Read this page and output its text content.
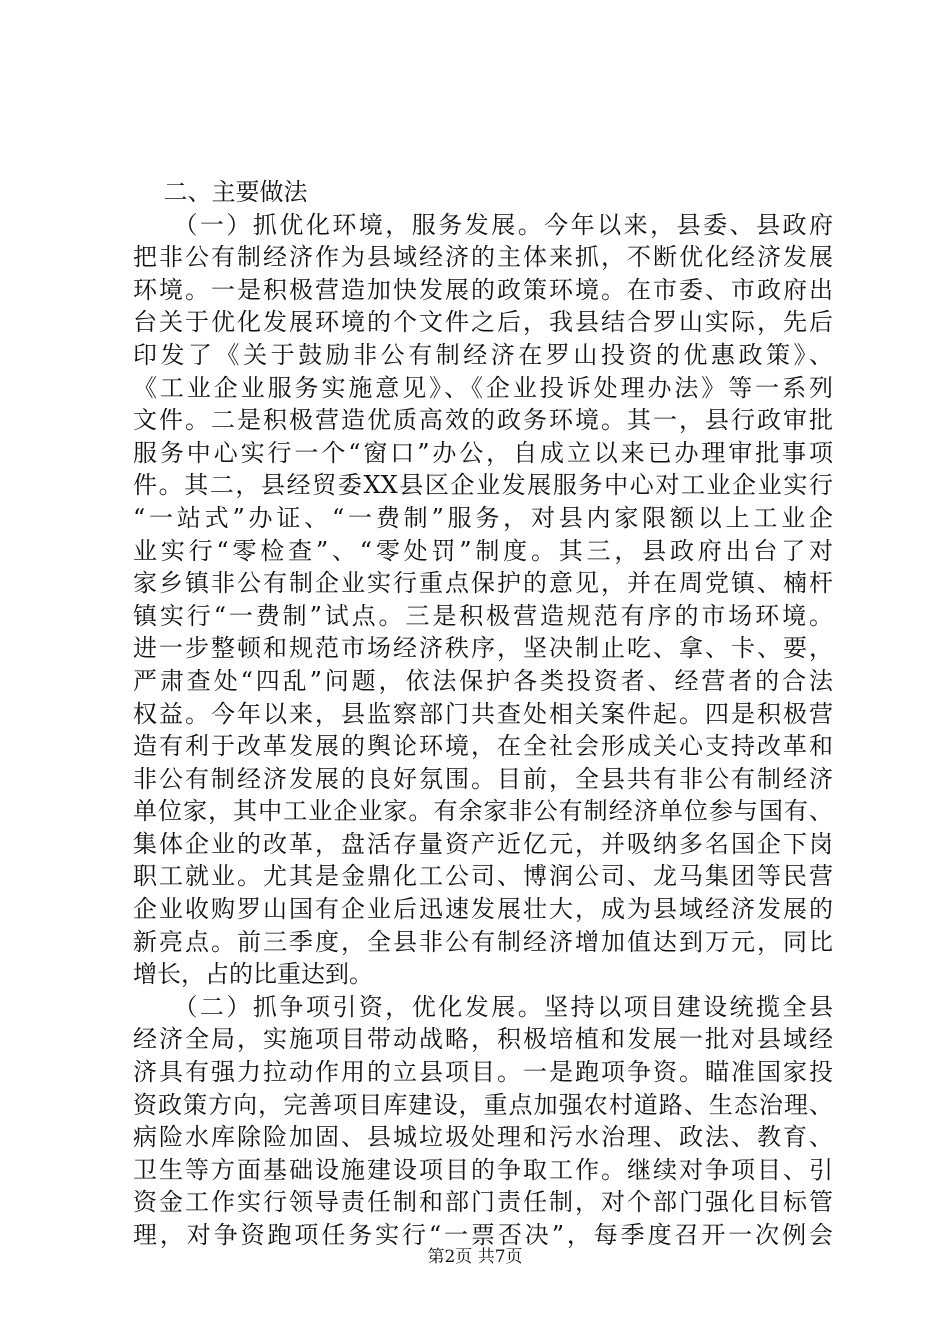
二、主要做法
（一）抓优化环境，服务发展。今年以来，县委、县政府
把非公有制经济作为县域经济的主体来抓，不断优化经济发展
环境。一是积极营造加快发展的政策环境。在市委、市政府出
台关于优化发展环境的个文件之后，我县结合罗山实际，先后
印发了《关于鼓励非公有制经济在罗山投资的优惠政策》、
《工业企业服务实施意见》、《企业投诉处理办法》等一系列
文件。二是积极营造优质高效的政务环境。其一，县行政审批
服务中心实行一个“窗口”办公，自成立以来已办理审批事项
件。其二，县经贸委XX县区企业发展服务中心对工业企业实行
“一站式”办证、“一费制”服务，对县内家限额以上工业企
业实行“零检查”、“零处罚”制度。其三，县政府出台了对
家乡镇非公有制企业实行重点保护的意见，并在周党镇、楠杆
镇实行“一费制”试点。三是积极营造规范有序的市场环境。
进一步整顿和规范市场经济秩序，坚决制止吃、拿、卡、要，
严肃查处“四乱”问题，依法保护各类投资者、经营者的合法
权益。今年以来，县监察部门共查处相关案件起。四是积极营
造有利于改革发展的舆论环境，在全社会形成关心支持改革和
非公有制经济发展的良好氛围。目前，全县共有非公有制经济
单位家，其中工业企业家。有余家非公有制经济单位参与国有、
集体企业的改革，盘活存量资产近亿元，并吸纳多名国企下岗
职工就业。尤其是金鼎化工公司、博润公司、龙马集团等民营
企业收购罗山国有企业后迅速发展壮大，成为县域经济发展的
新亮点。前三季度，全县非公有制经济增加值达到万元，同比
增长，占的比重达到。
（二）抓争项引资，优化发展。坚持以项目建设统揽全县
经济全局，实施项目带动战略，积极培植和发展一批对县域经
济具有强力拉动作用的立县项目。一是跑项争资。瞄准国家投
资政策方向，完善项目库建设，重点加强农村道路、生态治理、
病险水库除险加固、县城垃圾处理和污水治理、政法、教育、
卫生等方面基础设施建设项目的争取工作。继续对争项目、引
资金工作实行领导责任制和部门责任制，对个部门强化目标管
理，对争资跑项任务实行“一票否决”，每季度召开一次例会
第2页 共7页
